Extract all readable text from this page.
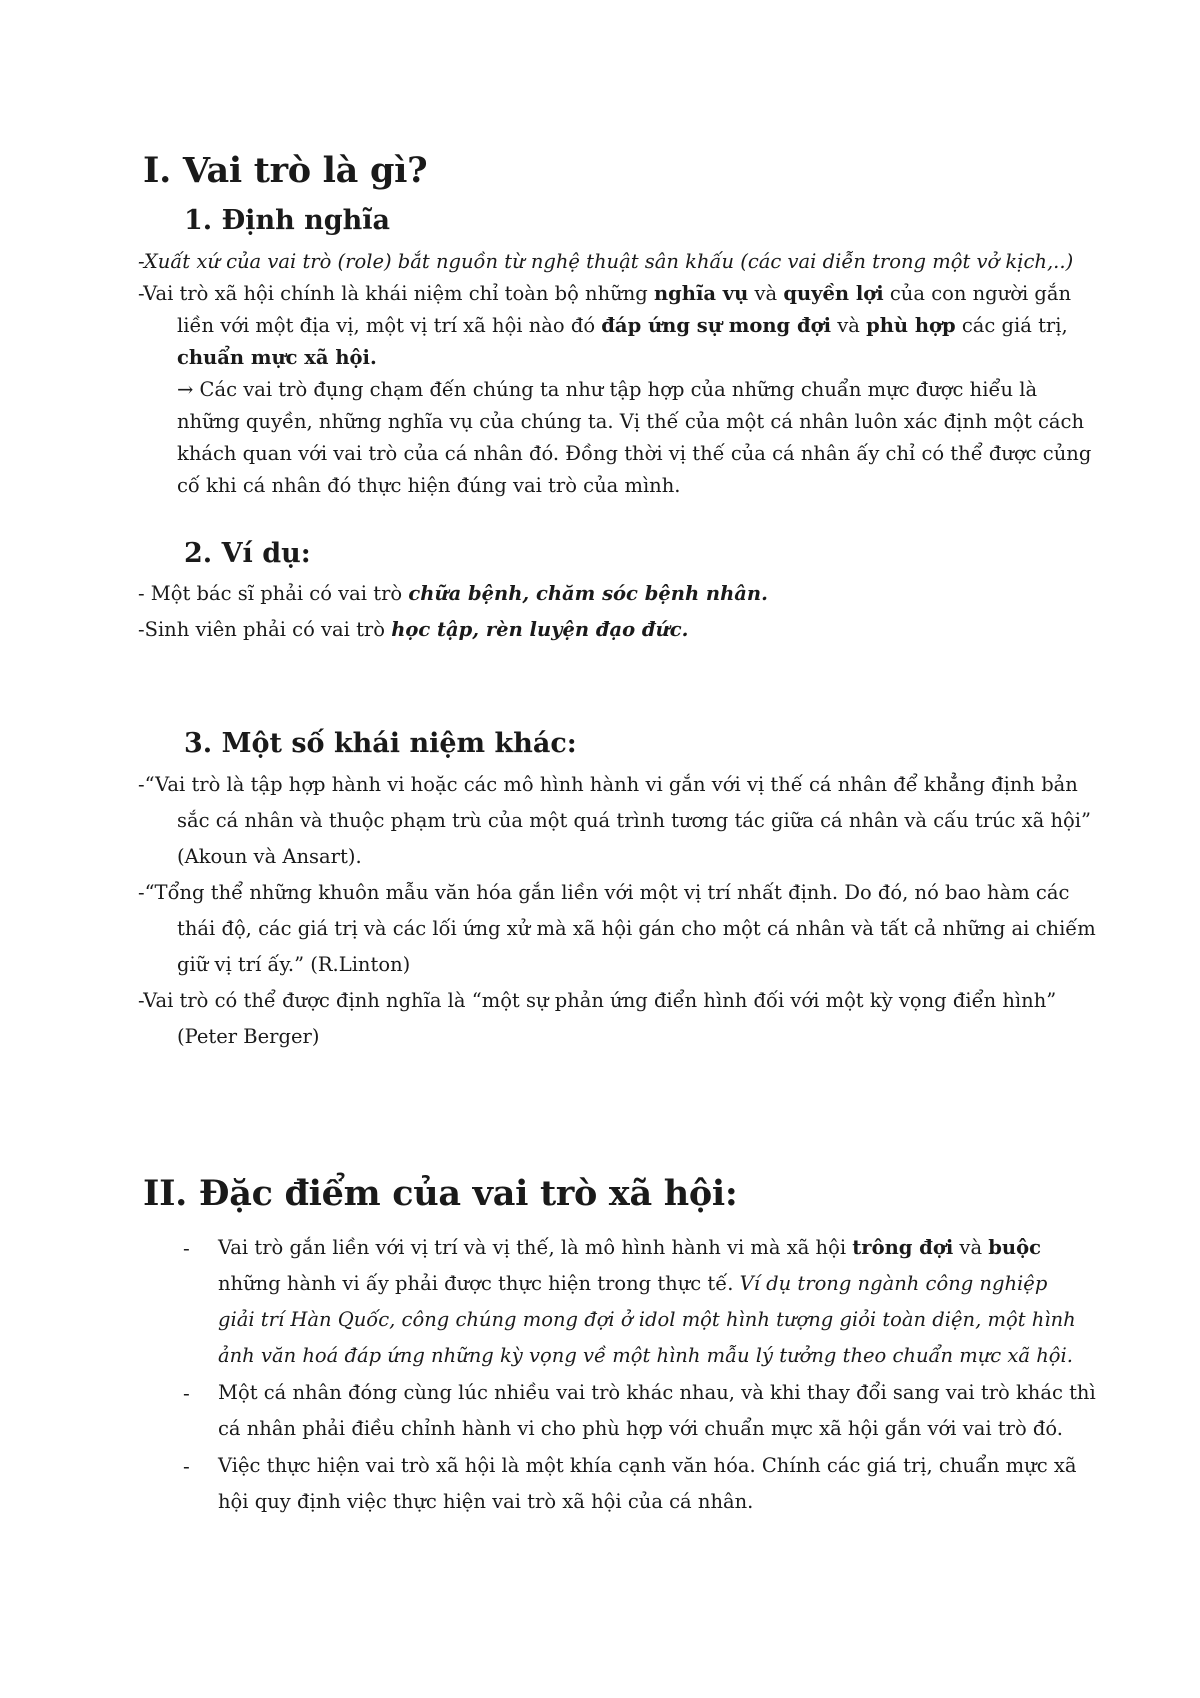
I. Vai trò là gì?
1. Định nghĩa
-Xuất xứ của vai trò (role) bắt nguồn từ nghệ thuật sân khấu (các vai diễn trong một vở kịch,..)
-Vai trò xã hội chính là khái niệm chỉ toàn bộ những nghĩa vụ và quyền lợi của con người gắn
liền với một địa vị, một vị trí xã hội nào đó đáp ứng sự mong đợi và phù hợp các giá trị,
chuẩn mực xã hội.
→ Các vai trò đụng chạm đến chúng ta như tập hợp của những chuẩn mực được hiểu là
những quyền, những nghĩa vụ của chúng ta. Vị thế của một cá nhân luôn xác định một cách
khách quan với vai trò của cá nhân đó. Đồng thời vị thế của cá nhân ấy chỉ có thể được củng
cố khi cá nhân đó thực hiện đúng vai trò của mình.
2. Ví dụ:
- Một bác sĩ phải có vai trò chữa bệnh, chăm sóc bệnh nhân.
-Sinh viên phải có vai trò học tập, rèn luyện đạo đức.
3. Một số khái niệm khác:
-“Vai trò là tập hợp hành vi hoặc các mô hình hành vi gắn với vị thế cá nhân để khẳng định bản
sắc cá nhân và thuộc phạm trù của một quá trình tương tác giữa cá nhân và cấu trúc xã hội”
(Akoun và Ansart).
-“Tổng thể những khuôn mẫu văn hóa gắn liền với một vị trí nhất định. Do đó, nó bao hàm các
thái độ, các giá trị và các lối ứng xử mà xã hội gán cho một cá nhân và tất cả những ai chiếm
giữ vị trí ấy.” (R.Linton)
-Vai trò có thể được định nghĩa là “một sự phản ứng điển hình đối với một kỳ vọng điển hình”
(Peter Berger)
II. Đặc điểm của vai trò xã hội:
- Vai trò gắn liền với vị trí và vị thế, là mô hình hành vi mà xã hội trông đợi và buộc
những hành vi ấy phải được thực hiện trong thực tế. Ví dụ trong ngành công nghiệp
giải trí Hàn Quốc, công chúng mong đợi ở idol một hình tượng giỏi toàn diện, một hình
ảnh văn hoá đáp ứng những kỳ vọng về một hình mẫu lý tưởng theo chuẩn mực xã hội.
- Một cá nhân đóng cùng lúc nhiều vai trò khác nhau, và khi thay đổi sang vai trò khác thì
cá nhân phải điều chỉnh hành vi cho phù hợp với chuẩn mực xã hội gắn với vai trò đó.
- Việc thực hiện vai trò xã hội là một khía cạnh văn hóa. Chính các giá trị, chuẩn mực xã
hội quy định việc thực hiện vai trò xã hội của cá nhân.
